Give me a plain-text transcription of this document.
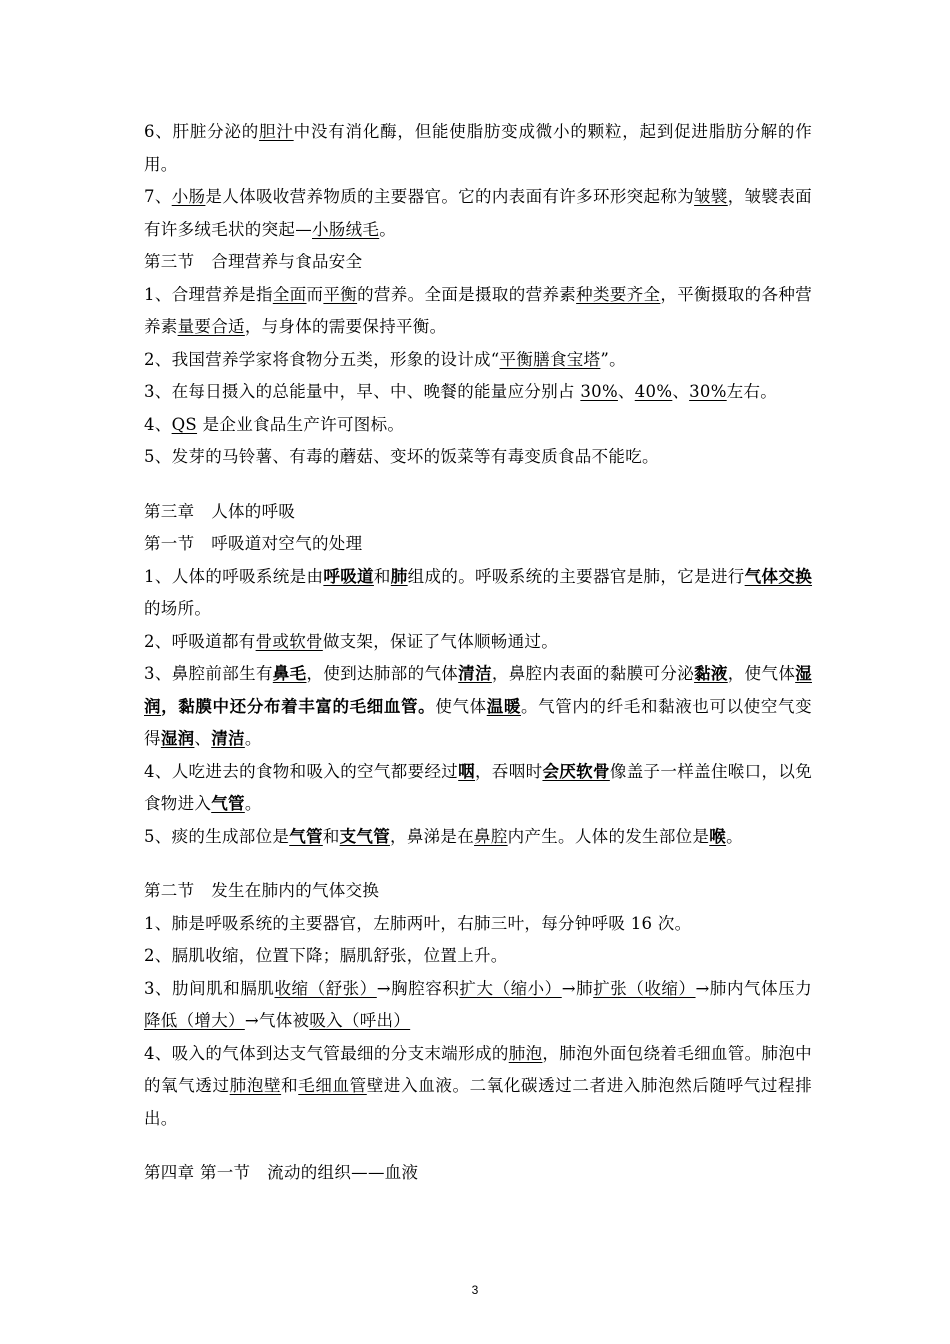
6、肝脏分泌的胆汁中没有消化酶，但能使脂肪变成微小的颗粒，起到促进脂肪分解的作用。

7、小肠是人体吸收营养物质的主要器官。它的内表面有许多环形突起称为皱襞，皱襞表面有许多绒毛状的突起—小肠绒毛。

第三节　合理营养与食品安全

1、合理营养是指全面而平衡的营养。全面是摄取的营养素种类要齐全，平衡摄取的各种营养素量要合适，与身体的需要保持平衡。

2、我国营养学家将食物分五类，形象的设计成“平衡膳食宝塔”。

3、在每日摄入的总能量中，早、中、晚餐的能量应分别占 30%、40%、30%左右。

4、QS 是企业食品生产许可图标。

5、发芽的马铃薯、有毒的蘑菇、变坏的饭菜等有毒变质食品不能吃。

第三章　人体的呼吸

第一节　呼吸道对空气的处理

1、人体的呼吸系统是由呼吸道和肺组成的。呼吸系统的主要器官是肺，它是进行气体交换的场所。

2、呼吸道都有骨或软骨做支架，保证了气体顺畅通过。

3、鼻腔前部生有鼻毛，使到达肺部的气体清洁，鼻腔内表面的黏膜可分泌黏液，使气体湿润，黏膜中还分布着丰富的毛细血管。使气体温暖。气管内的纤毛和黏液也可以使空气变得湿润、清洁。

4、人吃进去的食物和吸入的空气都要经过咽，吞咽时会厌软骨像盖子一样盖住喉口，以免食物进入气管。

5、痰的生成部位是气管和支气管，鼻涕是在鼻腔内产生。人体的发生部位是喉。

第二节　发生在肺内的气体交换

1、肺是呼吸系统的主要器官，左肺两叶，右肺三叶，每分钟呼吸 16 次。

2、膈肌收缩，位置下降；膈肌舒张，位置上升。

3、肋间肌和膈肌收缩（舒张）→胸腔容积扩大（缩小）→肺扩张（收缩）→肺内气体压力降低（增大）→气体被吸入（呼出）

4、吸入的气体到达支气管最细的分支末端形成的肺泡，肺泡外面包绕着毛细血管。肺泡中的氧气透过肺泡壁和毛细血管壁进入血液。二氧化碳透过二者进入肺泡然后随呼气过程排出。

第四章 第一节　流动的组织——血液

3
